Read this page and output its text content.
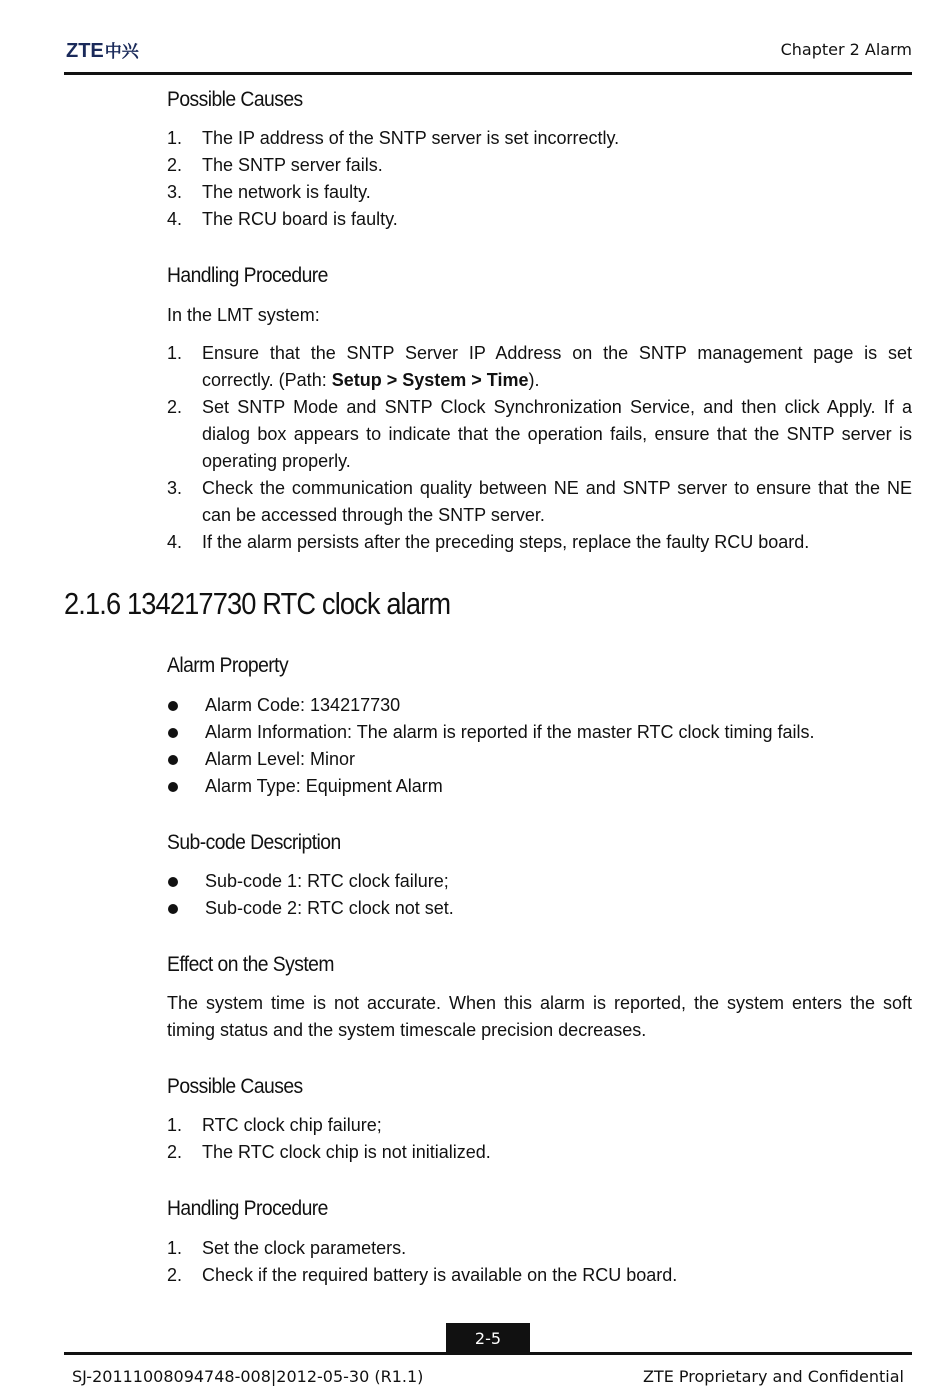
ZTE中兴	Chapter 2 Alarm
Possible Causes
1. The IP address of the SNTP server is set incorrectly.
2. The SNTP server fails.
3. The network is faulty.
4. The RCU board is faulty.
Handling Procedure
In the LMT system:
1. Ensure that the SNTP Server IP Address on the SNTP management page is set correctly. (Path: Setup > System > Time).
2. Set SNTP Mode and SNTP Clock Synchronization Service, and then click Apply. If a dialog box appears to indicate that the operation fails, ensure that the SNTP server is operating properly.
3. Check the communication quality between NE and SNTP server to ensure that the NE can be accessed through the SNTP server.
4. If the alarm persists after the preceding steps, replace the faulty RCU board.
2.1.6 134217730 RTC clock alarm
Alarm Property
Alarm Code: 134217730
Alarm Information: The alarm is reported if the master RTC clock timing fails.
Alarm Level: Minor
Alarm Type: Equipment Alarm
Sub-code Description
Sub-code 1: RTC clock failure;
Sub-code 2: RTC clock not set.
Effect on the System
The system time is not accurate. When this alarm is reported, the system enters the soft timing status and the system timescale precision decreases.
Possible Causes
1. RTC clock chip failure;
2. The RTC clock chip is not initialized.
Handling Procedure
1. Set the clock parameters.
2. Check if the required battery is available on the RCU board.
2-5
SJ-20111008094748-008|2012-05-30 (R1.1)	ZTE Proprietary and Confidential
